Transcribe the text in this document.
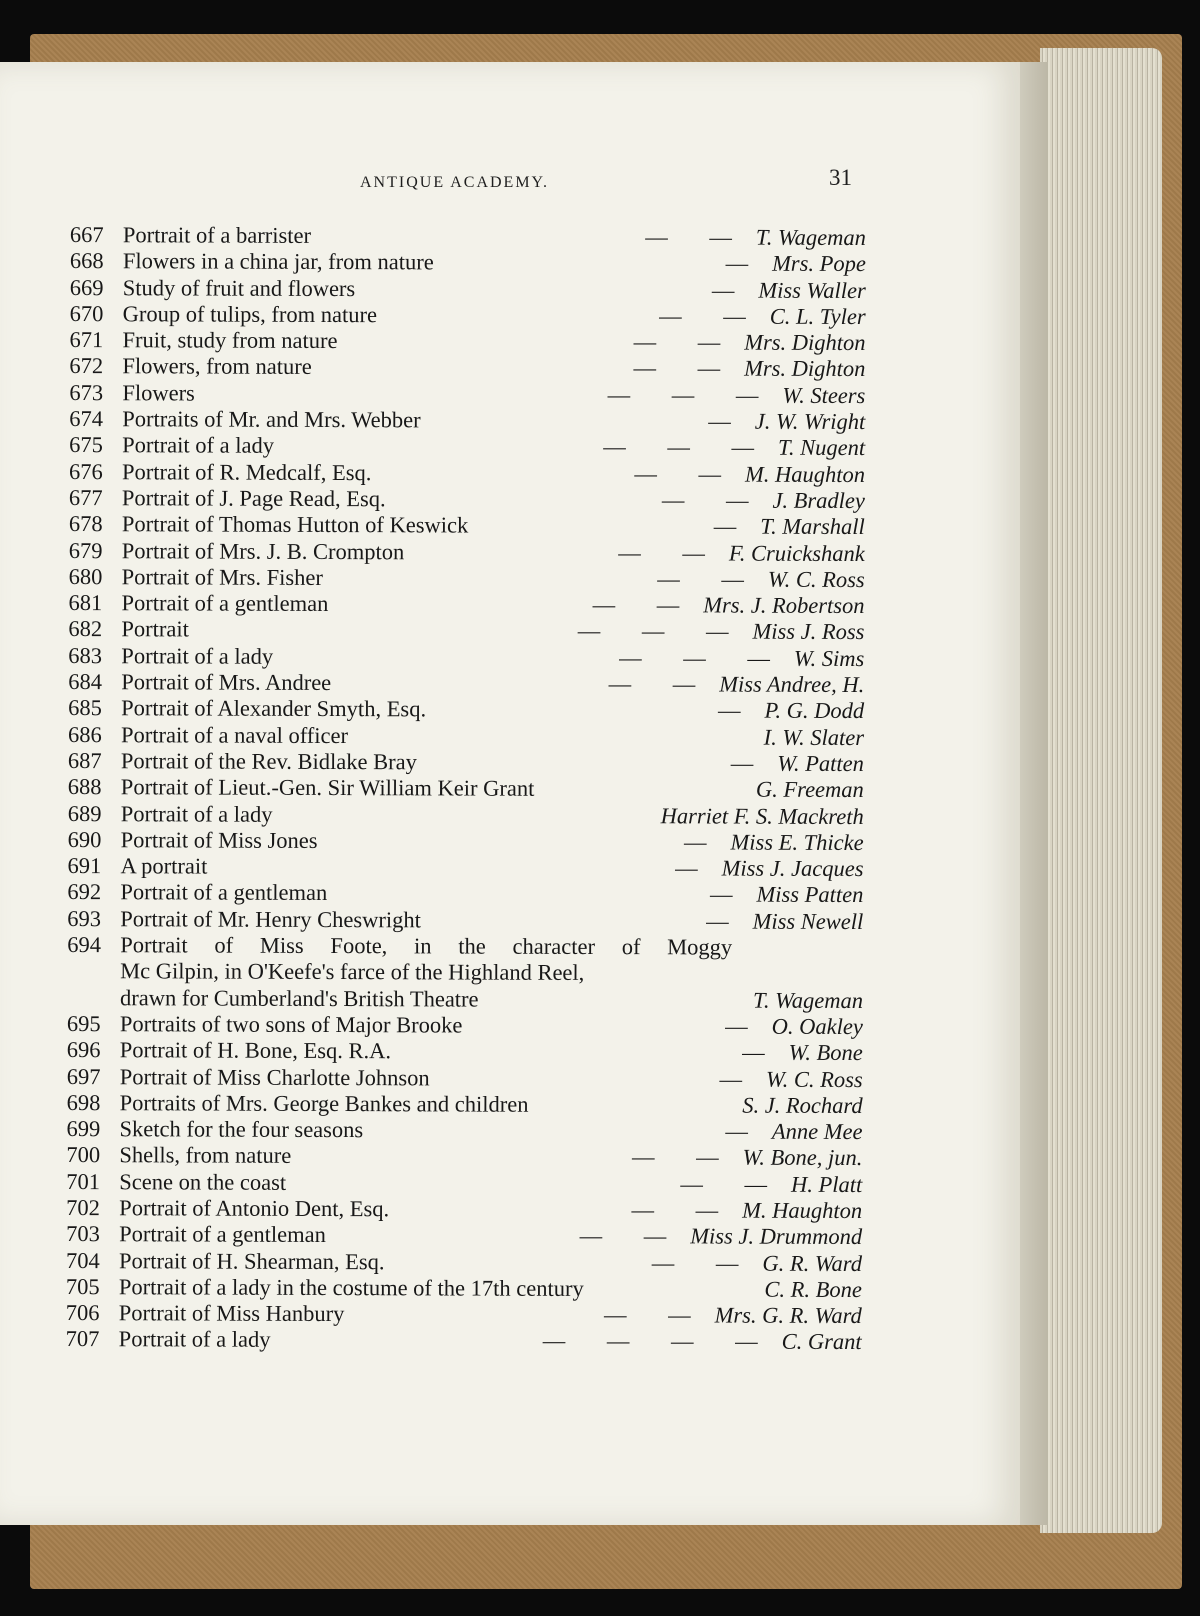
ANTIQUE ACADEMY.	31
667 Portrait of a barrister	— — T. Wageman
668 Flowers in a china jar, from nature	— Mrs. Pope
669 Study of fruit and flowers	— Miss Waller
670 Group of tulips, from nature	— — C. L. Tyler
671 Fruit, study from nature	— — Mrs. Dighton
672 Flowers, from nature	— — Mrs. Dighton
673 Flowers	— — — W. Steers
674 Portraits of Mr. and Mrs. Webber	— J. W. Wright
675 Portrait of a lady	— — — T. Nugent
676 Portrait of R. Medcalf, Esq.	— — M. Haughton
677 Portrait of J. Page Read, Esq.	— — J. Bradley
678 Portrait of Thomas Hutton of Keswick	— T. Marshall
679 Portrait of Mrs. J. B. Crompton	— — F. Cruickshank
680 Portrait of Mrs. Fisher	— — W. C. Ross
681 Portrait of a gentleman	— — Mrs. J. Robertson
682 Portrait	— — — Miss J. Ross
683 Portrait of a lady	— — — W. Sims
684 Portrait of Mrs. Andree	— — Miss Andree, H.
685 Portrait of Alexander Smyth, Esq.	— P. G. Dodd
686 Portrait of a naval officer	I. W. Slater
687 Portrait of the Rev. Bidlake Bray	— W. Patten
688 Portrait of Lieut.-Gen. Sir William Keir Grant	G. Freeman
689 Portrait of a lady	Harriet F. S. Mackreth
690 Portrait of Miss Jones	— Miss E. Thicke
691 A portrait	— Miss J. Jacques
692 Portrait of a gentleman	— Miss Patten
693 Portrait of Mr. Henry Cheswright	— Miss Newell
694 Portrait of Miss Foote, in the character of Moggy
Mc Gilpin, in O'Keefe's farce of the Highland Reel,
drawn for Cumberland's British Theatre	T. Wageman
695 Portraits of two sons of Major Brooke	— O. Oakley
696 Portrait of H. Bone, Esq. R.A.	— W. Bone
697 Portrait of Miss Charlotte Johnson	— W. C. Ross
698 Portraits of Mrs. George Bankes and children	S. J. Rochard
699 Sketch for the four seasons	— Anne Mee
700 Shells, from nature	— — W. Bone, jun.
701 Scene on the coast	— — H. Platt
702 Portrait of Antonio Dent, Esq.	— — M. Haughton
703 Portrait of a gentleman	— — Miss J. Drummond
704 Portrait of H. Shearman, Esq.	— — G. R. Ward
705 Portrait of a lady in the costume of the 17th century	C. R. Bone
706 Portrait of Miss Hanbury	— — Mrs. G. R. Ward
707 Portrait of a lady	— — — — C. Grant
